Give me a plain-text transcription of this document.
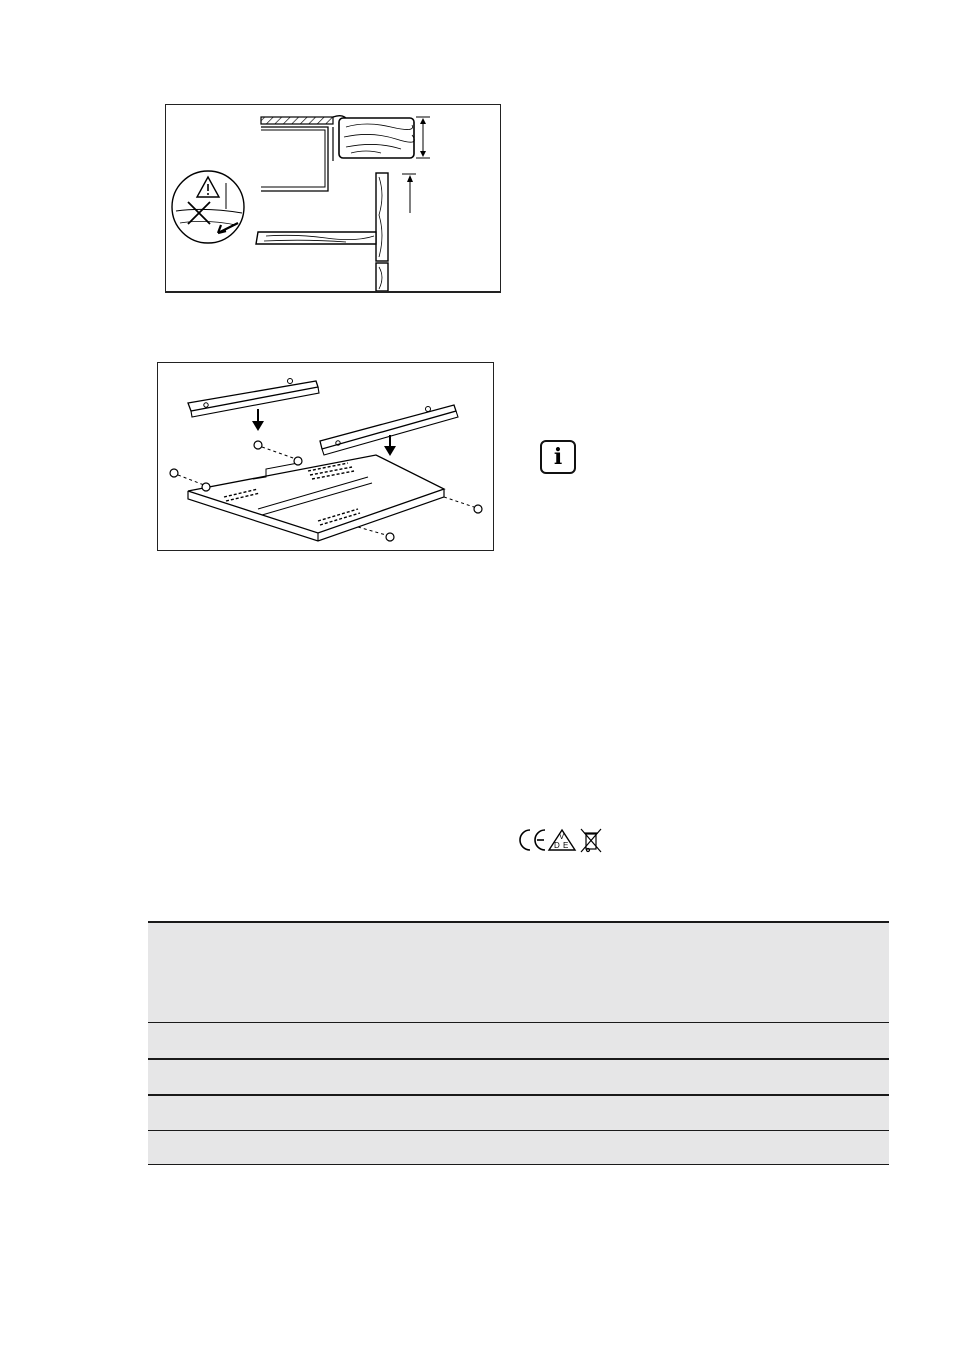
i
V
D E
